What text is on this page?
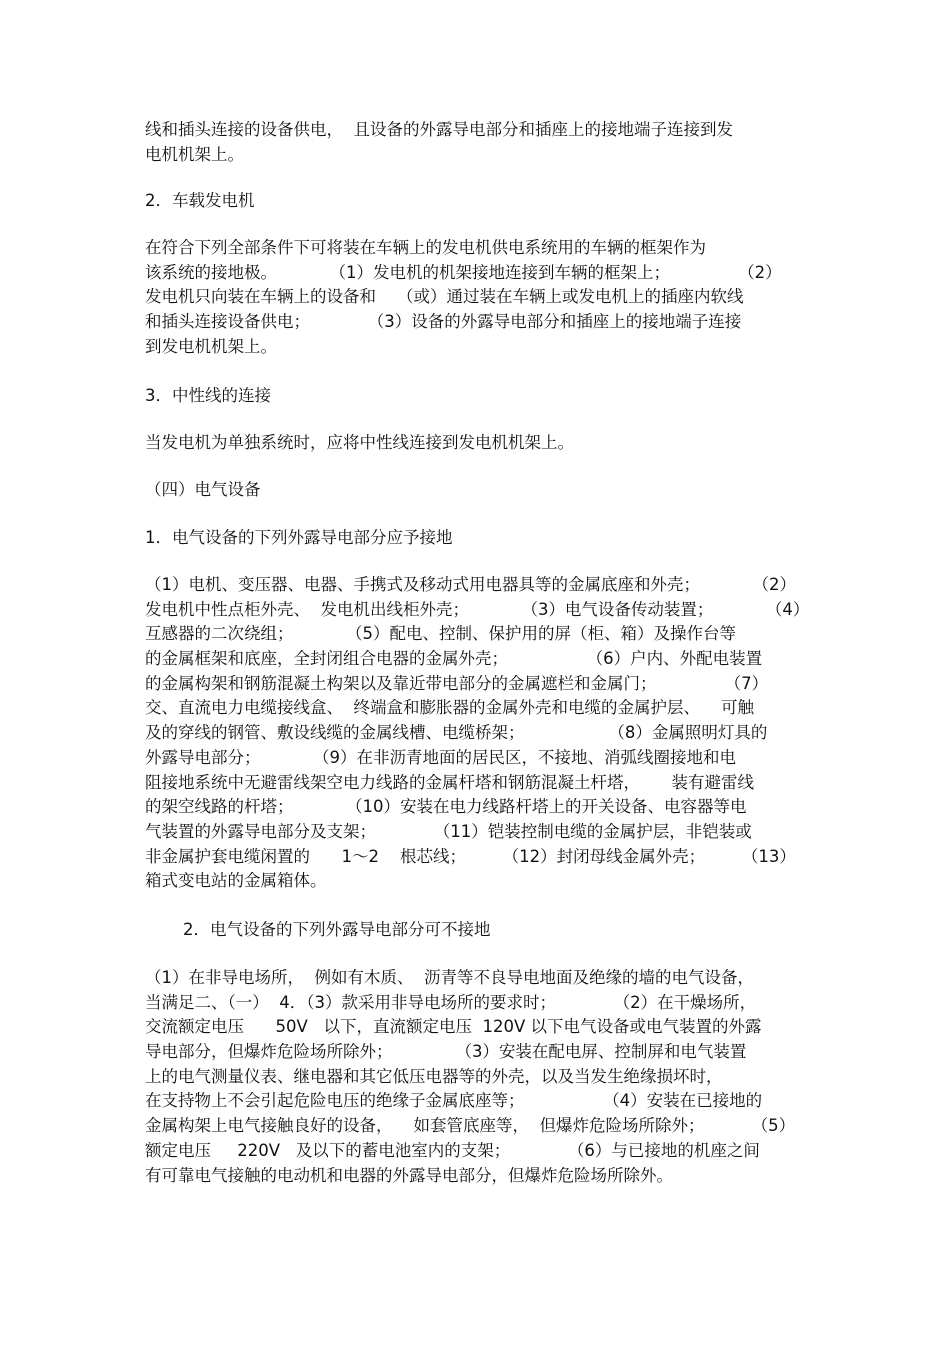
线和插头连接的设备供电，  且设备的外露导电部分和插座上的接地端子连接到发
电机机架上。
2．车载发电机
在符合下列全部条件下可将装在车辆上的发电机供电系统用的车辆的框架作为
该系统的接地极。          （1）发电机的机架接地连接到车辆的框架上；             （2）
发电机只向装在车辆上的设备和    （或）通过装在车辆上或发电机上的插座内软线
和插头连接设备供电；           （3）设备的外露导电部分和插座上的接地端子连接
到发电机机架上。
3．中性线的连接
当发电机为单独系统时，应将中性线连接到发电机机架上。
（四）电气设备
1．电气设备的下列外露导电部分应予接地
（1）电机、变压器、电器、手携式及移动式用电器具等的金属底座和外壳；          （2）
发电机中性点柜外壳、  发电机出线柜外壳；          （3）电气设备传动装置；          （4）
互感器的二次绕组；          （5）配电、控制、保护用的屏（柜、箱）及操作台等
的金属框架和底座，全封闭组合电器的金属外壳；               （6）户内、外配电装置
的金属构架和钢筋混凝土构架以及靠近带电部分的金属遮栏和金属门；             （7）
交、直流电力电缆接线盒、  终端盒和膨胀器的金属外壳和电缆的金属护层、    可触
及的穿线的钢管、敷设线缆的金属线槽、电缆桥架；                （8）金属照明灯具的
外露导电部分；          （9）在非沥青地面的居民区，不接地、消弧线圈接地和电
阻接地系统中无避雷线架空电力线路的金属杆塔和钢筋混凝土杆塔，      装有避雷线
的架空线路的杆塔；          （10）安装在电力线路杆塔上的开关设备、电容器等电
气装置的外露导电部分及支架；           （11）铠装控制电缆的金属护层，非铠装或
非金属护套电缆闲置的      1～2    根芯线；       （12）封闭母线金属外壳；       （13）
箱式变电站的金属箱体。
2．电气设备的下列外露导电部分可不接地
（1）在非导电场所，  例如有木质、  沥青等不良导电地面及绝缘的墙的电气设备，
当满足二、（一）  4．（3）款采用非导电场所的要求时；           （2）在干燥场所，
交流额定电压      50V   以下，直流额定电压  120V 以下电气设备或电气装置的外露
导电部分，但爆炸危险场所除外；            （3）安装在配电屏、控制屏和电气装置
上的电气测量仪表、继电器和其它低压电器等的外壳，以及当发生绝缘损坏时，
在支持物上不会引起危险电压的绝缘子金属底座等；               （4）安装在已接地的
金属构架上电气接触良好的设备，    如套管底座等，  但爆炸危险场所除外；         （5）
额定电压     220V   及以下的蓄电池室内的支架；           （6）与已接地的机座之间
有可靠电气接触的电动机和电器的外露导电部分，但爆炸危险场所除外。
